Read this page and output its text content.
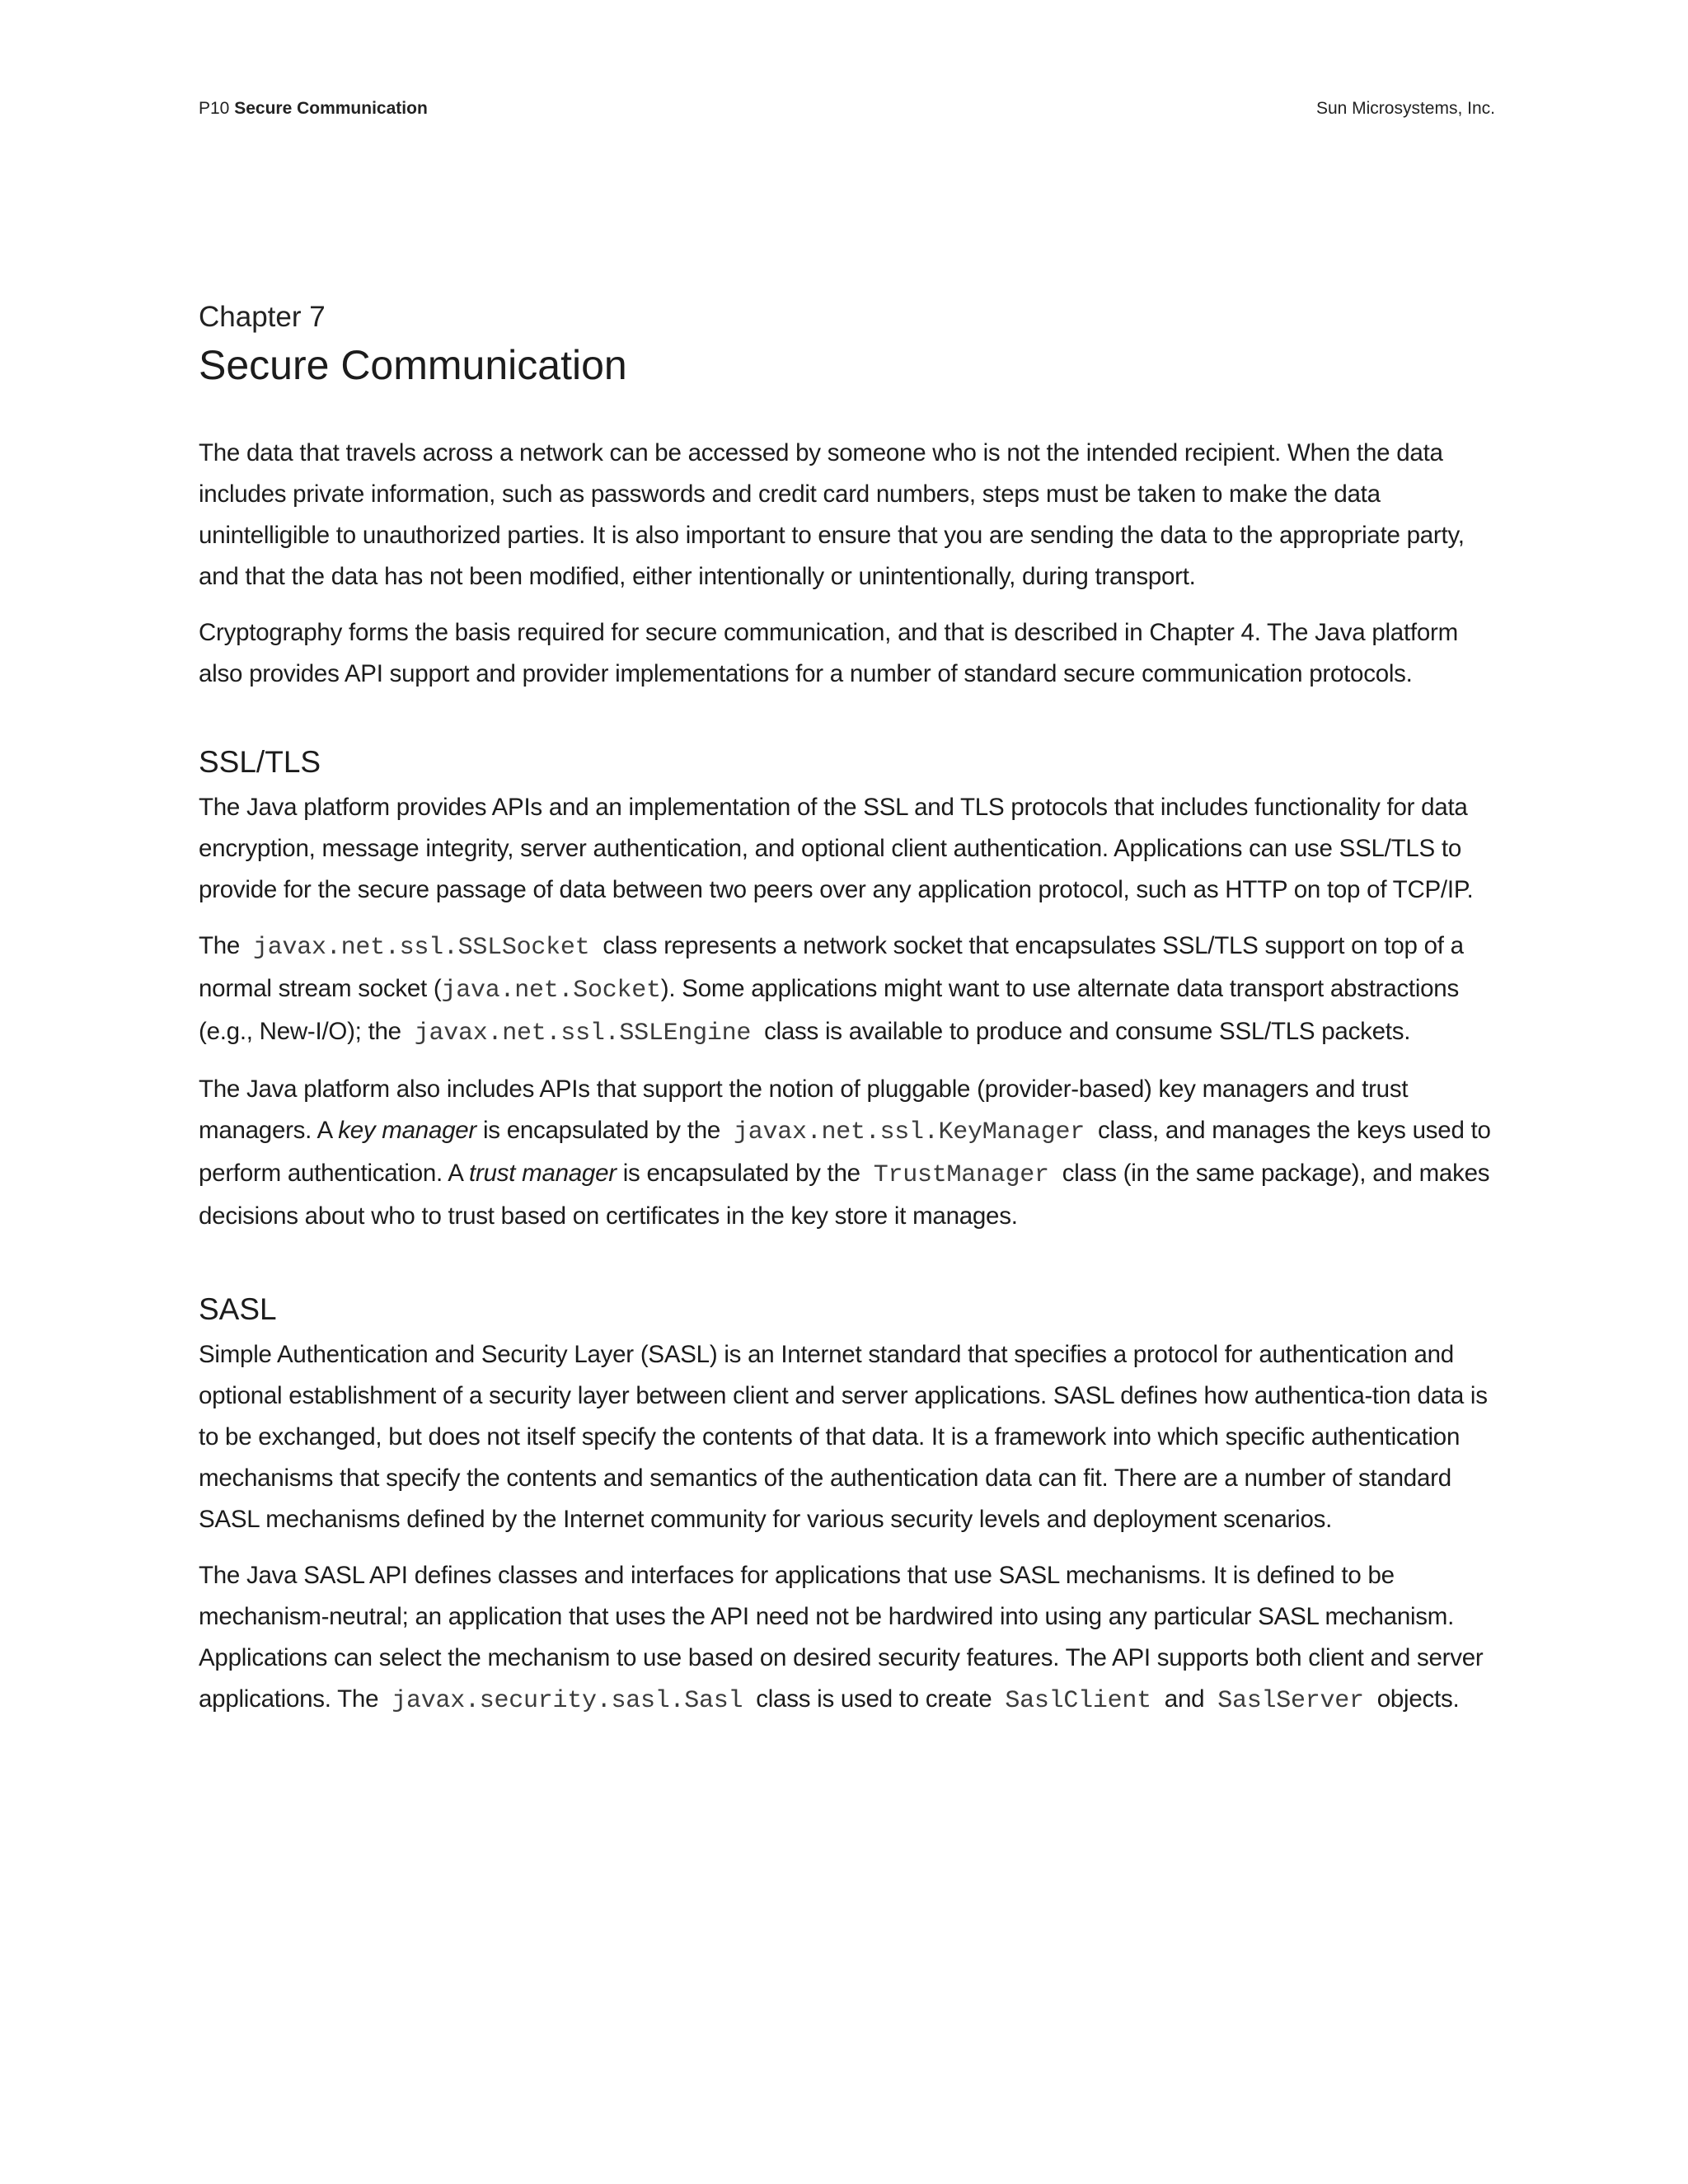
P10 Secure Communication	Sun Microsystems, Inc.
Chapter 7
Secure Communication

The data that travels across a network can be accessed by someone who is not the intended recipient. When the data includes private information, such as passwords and credit card numbers, steps must be taken to make the data unintelligible to unauthorized parties. It is also important to ensure that you are sending the data to the appropriate party, and that the data has not been modified, either intentionally or unintentionally, during transport.

Cryptography forms the basis required for secure communication, and that is described in Chapter 4. The Java platform also provides API support and provider implementations for a number of standard secure communication protocols.

SSL/TLS

The Java platform provides APIs and an implementation of the SSL and TLS protocols that includes functionality for data encryption, message integrity, server authentication, and optional client authentication. Applications can use SSL/TLS to provide for the secure passage of data between two peers over any application protocol, such as HTTP on top of TCP/IP.

The javax.net.ssl.SSLSocket class represents a network socket that encapsulates SSL/TLS support on top of a normal stream socket (java.net.Socket). Some applications might want to use alternate data transport abstractions (e.g., New-I/O); the javax.net.ssl.SSLEngine class is available to produce and consume SSL/TLS packets.

The Java platform also includes APIs that support the notion of pluggable (provider-based) key managers and trust managers. A key manager is encapsulated by the javax.net.ssl.KeyManager class, and manages the keys used to perform authentication. A trust manager is encapsulated by the TrustManager class (in the same package), and makes decisions about who to trust based on certificates in the key store it manages.

SASL

Simple Authentication and Security Layer (SASL) is an Internet standard that specifies a protocol for authentication and optional establishment of a security layer between client and server applications. SASL defines how authentica-tion data is to be exchanged, but does not itself specify the contents of that data. It is a framework into which specific authentication mechanisms that specify the contents and semantics of the authentication data can fit. There are a number of standard SASL mechanisms defined by the Internet community for various security levels and deployment scenarios.

The Java SASL API defines classes and interfaces for applications that use SASL mechanisms. It is defined to be mechanism-neutral; an application that uses the API need not be hardwired into using any particular SASL mechanism. Applications can select the mechanism to use based on desired security features. The API supports both client and server applications. The javax.security.sasl.Sasl class is used to create SaslClient and SaslServer objects.
